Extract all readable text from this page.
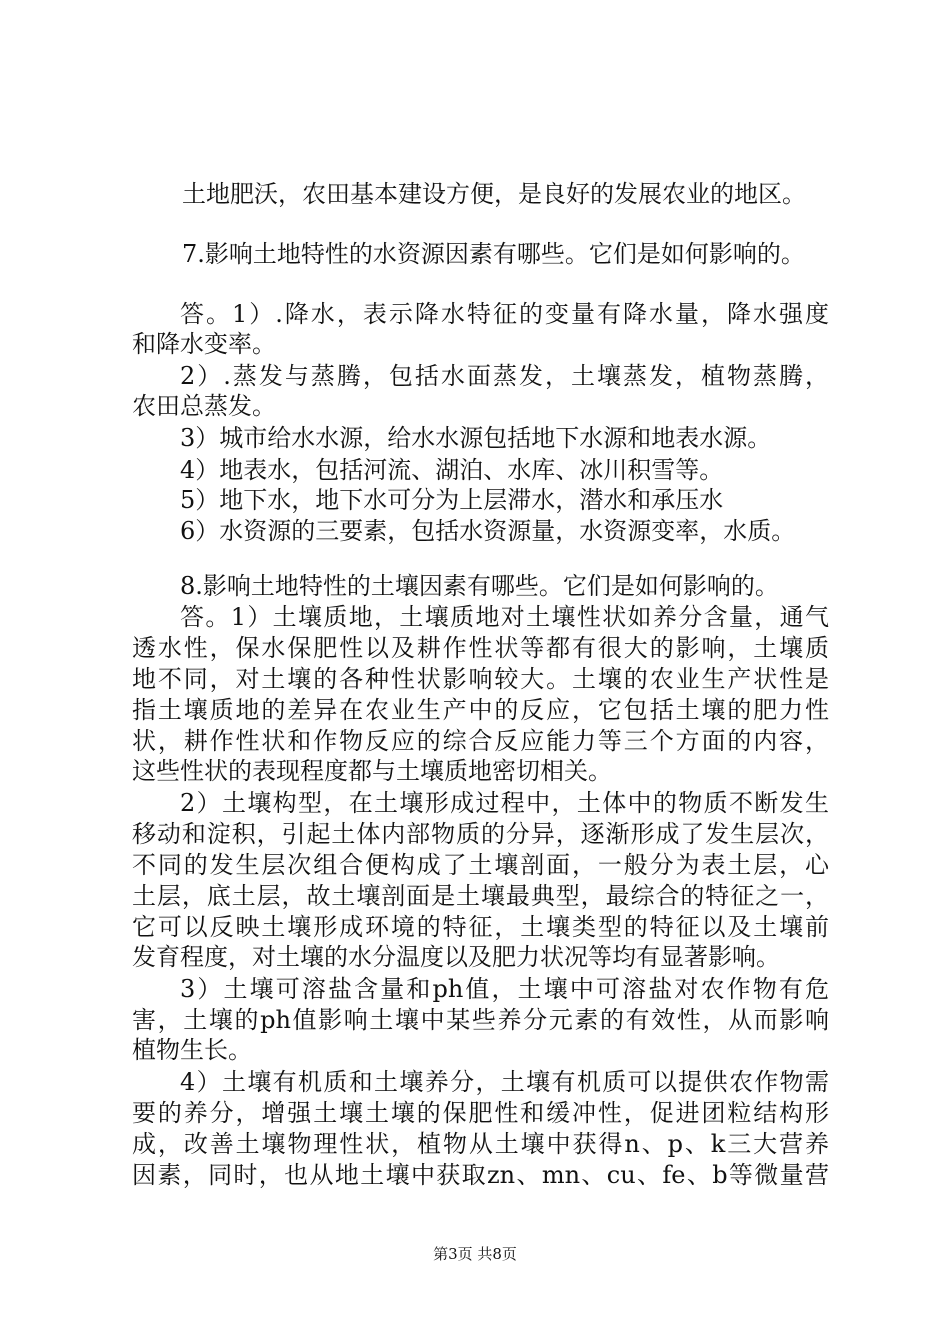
土地肥沃，农田基本建设方便，是良好的发展农业的地区。
7.影响土地特性的水资源因素有哪些。它们是如何影响的。
答。1）.降水，表示降水特征的变量有降水量，降水强度
和降水变率。
2）.蒸发与蒸腾，包括水面蒸发，土壤蒸发，植物蒸腾，
农田总蒸发。
3）城市给水水源，给水水源包括地下水源和地表水源。
4）地表水，包括河流、湖泊、水库、冰川积雪等。
5）地下水，地下水可分为上层滞水，潜水和承压水
6）水资源的三要素，包括水资源量，水资源变率，水质。
8.影响土地特性的土壤因素有哪些。它们是如何影响的。
答。1）土壤质地，土壤质地对土壤性状如养分含量，通气
透水性，保水保肥性以及耕作性状等都有很大的影响，土壤质
地不同，对土壤的各种性状影响较大。土壤的农业生产状性是
指土壤质地的差异在农业生产中的反应，它包括土壤的肥力性
状，耕作性状和作物反应的综合反应能力等三个方面的内容，
这些性状的表现程度都与土壤质地密切相关。
2）土壤构型，在土壤形成过程中，土体中的物质不断发生
移动和淀积，引起土体内部物质的分异，逐渐形成了发生层次，
不同的发生层次组合便构成了土壤剖面，一般分为表土层，心
土层，底土层，故土壤剖面是土壤最典型，最综合的特征之一，
它可以反映土壤形成环境的特征，土壤类型的特征以及土壤前
发育程度，对土壤的水分温度以及肥力状况等均有显著影响。
3）土壤可溶盐含量和ph值，土壤中可溶盐对农作物有危
害，土壤的ph值影响土壤中某些养分元素的有效性，从而影响
植物生长。
4）土壤有机质和土壤养分，土壤有机质可以提供农作物需
要的养分，增强土壤土壤的保肥性和缓冲性，促进团粒结构形
成，改善土壤物理性状，植物从土壤中获得n、p、k三大营养
因素，同时，也从地土壤中获取zn、mn、cu、fe、b等微量营
第3页 共8页
